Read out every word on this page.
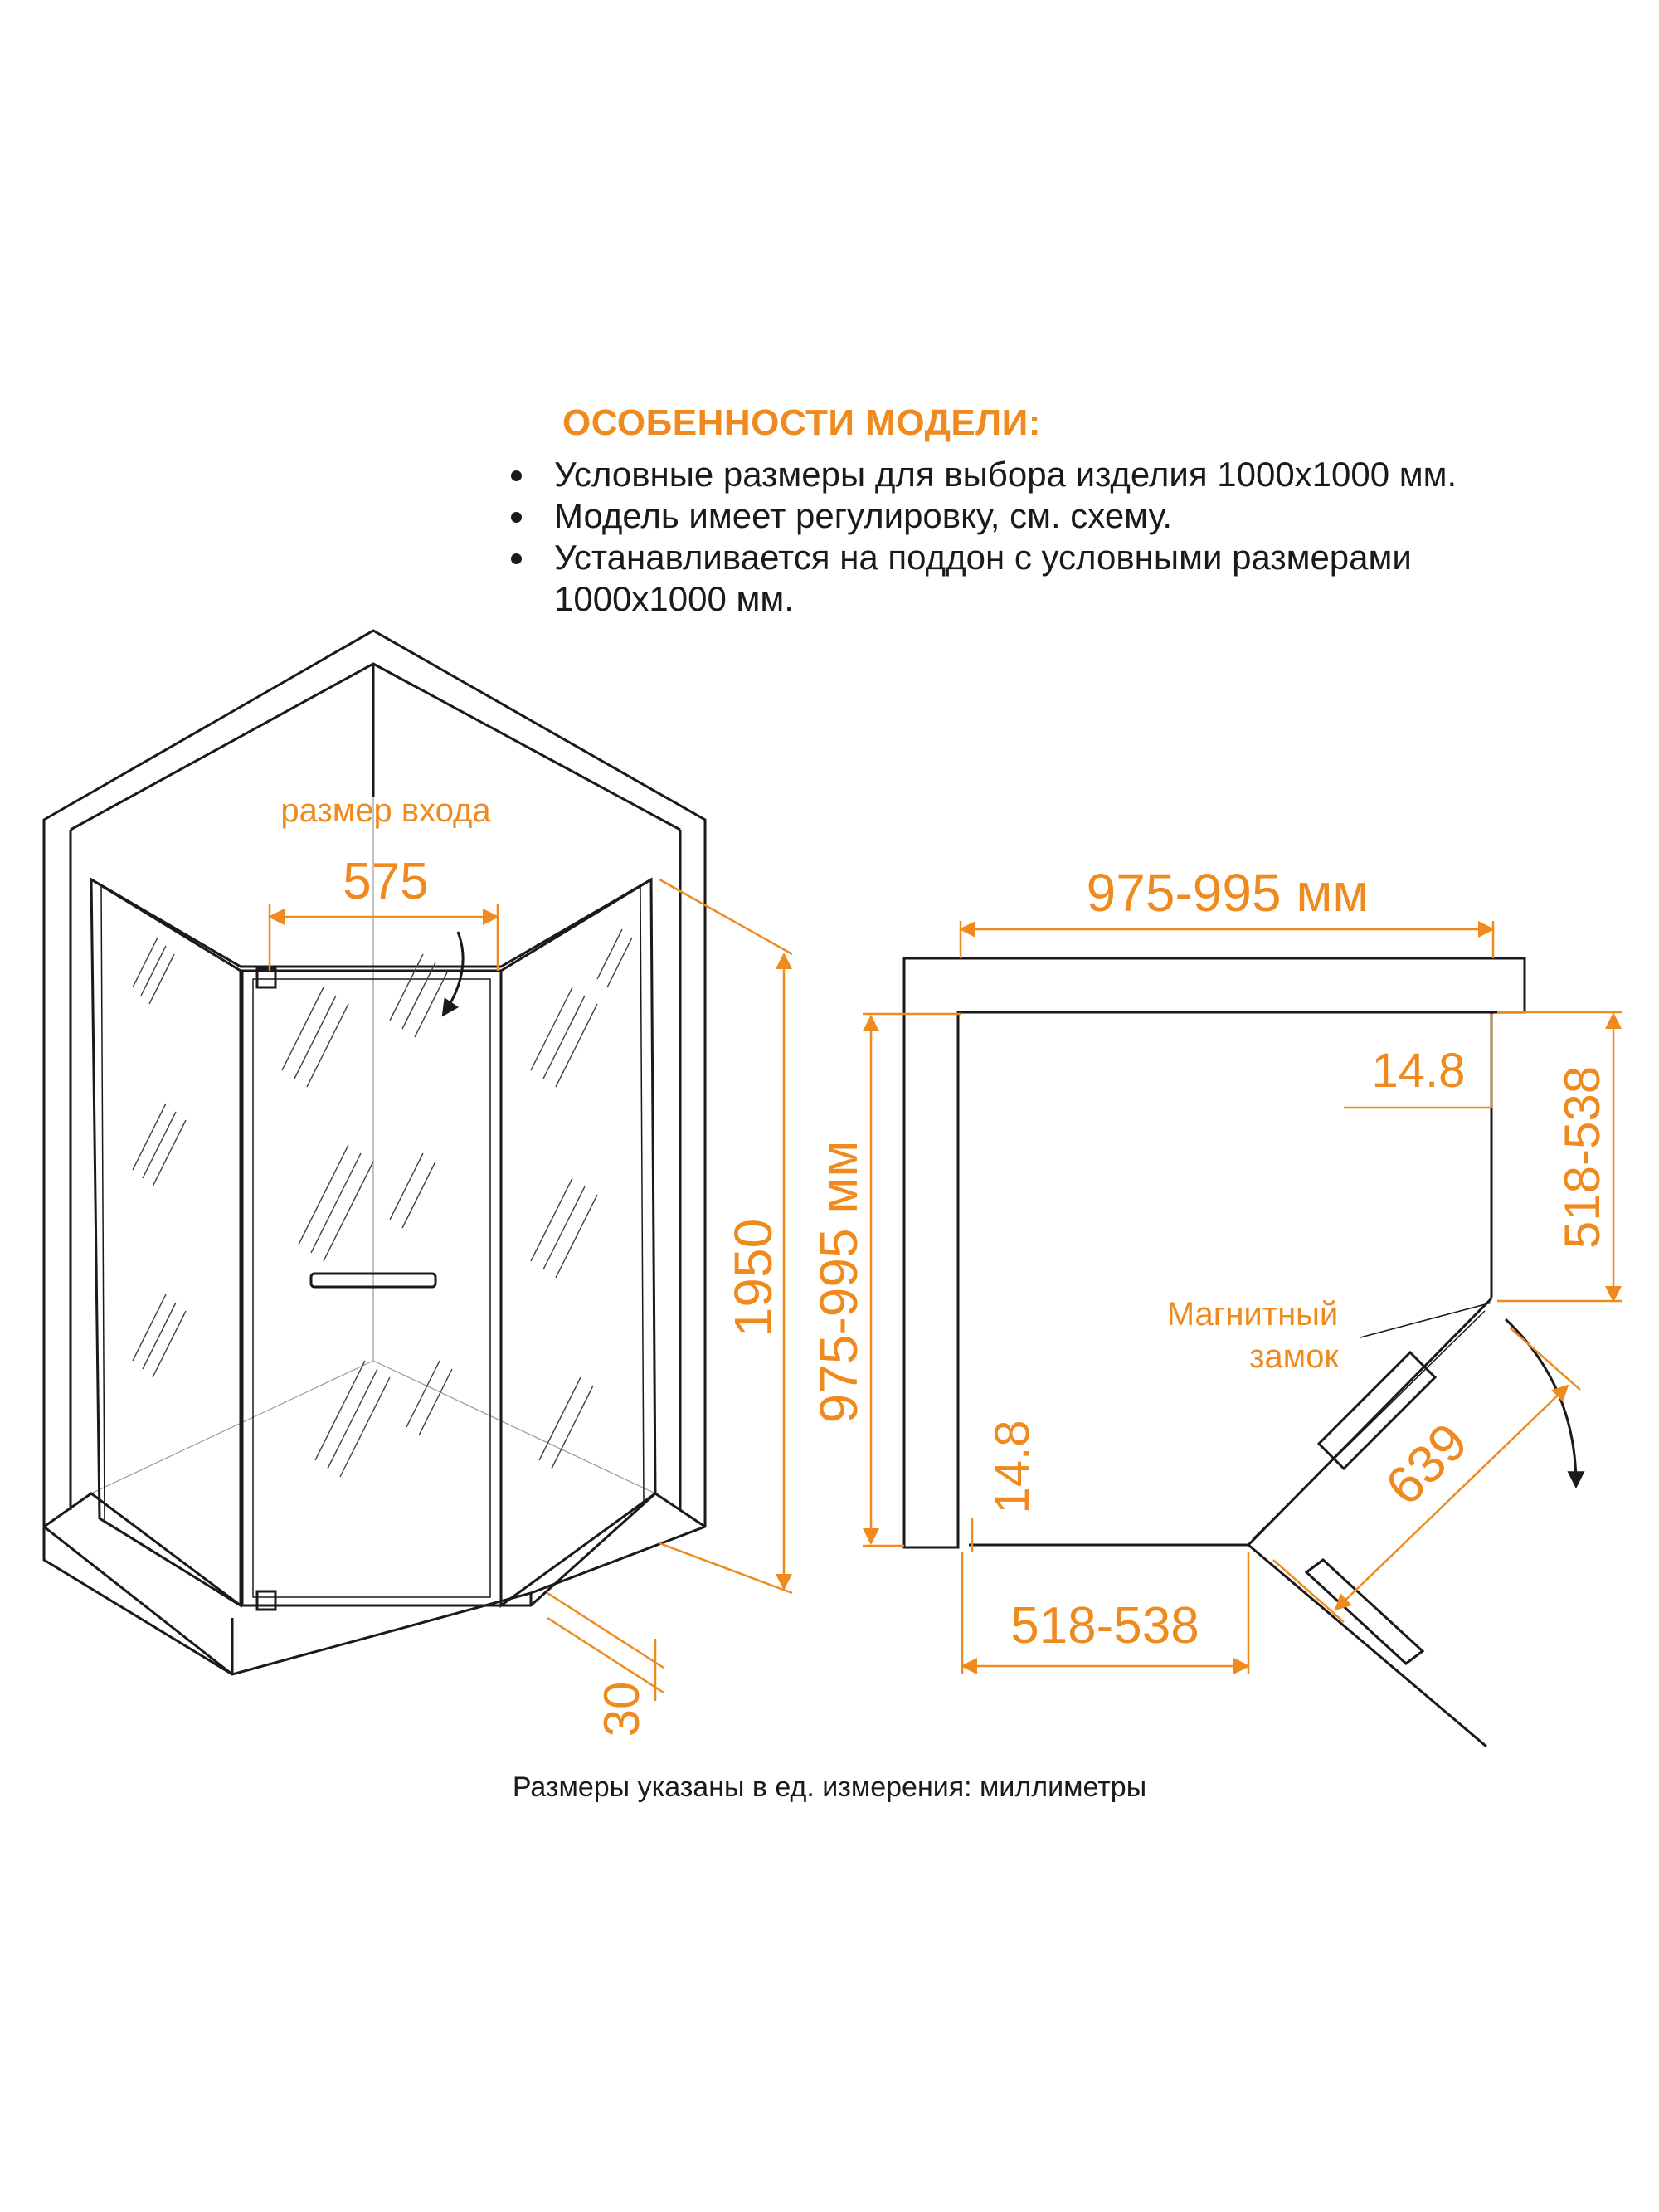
ОСОБЕННОСТИ МОДЕЛИ:
Условные размеры для выбора изделия 1000х1000 мм.
Модель имеет регулировку, см. схему.
Устанавливается на поддон с условными размерами 1000х1000 мм.
размер входа
575
1950
30
975-995 мм
975-995 мм
14.8
14.8
518-538
518-538
639
Магнитный
замок
Размеры указаны в ед. измерения: миллиметры
